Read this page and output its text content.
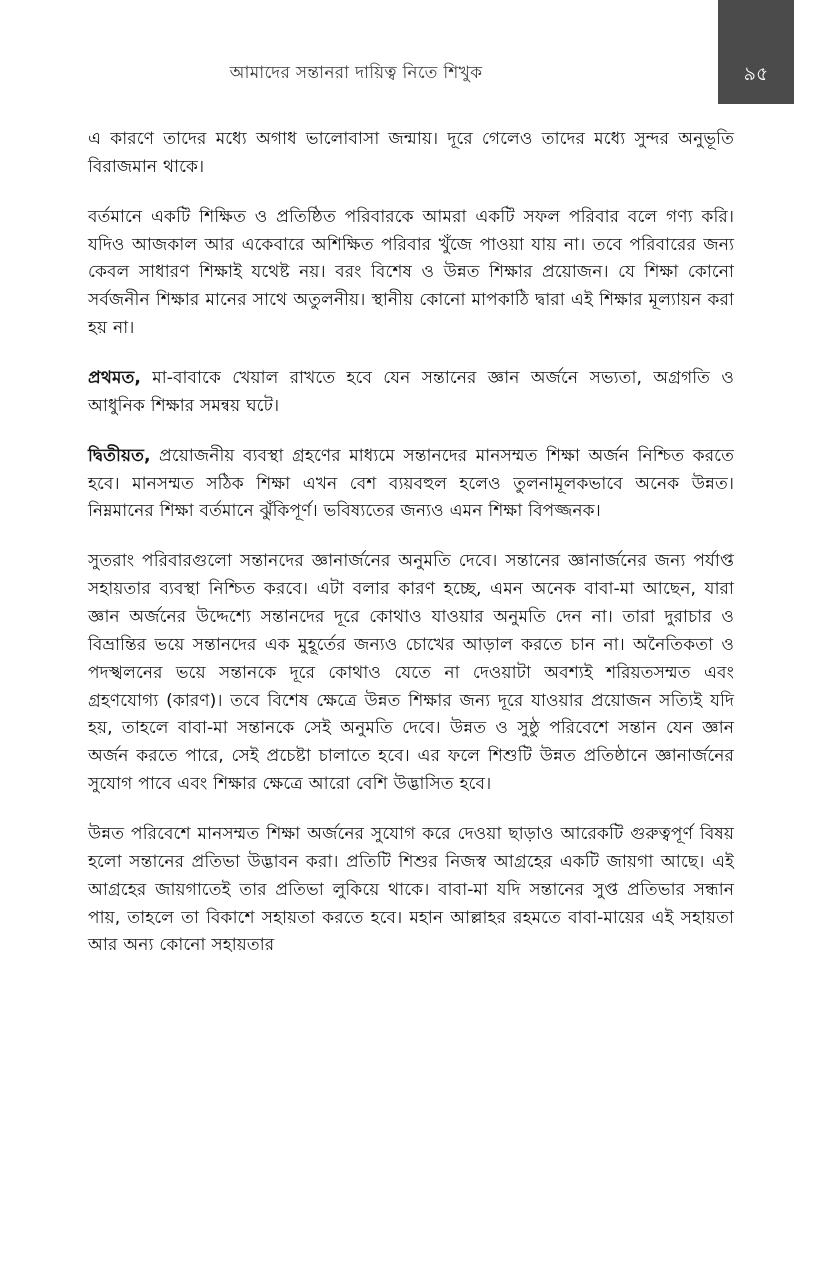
আমাদের সন্তানরা দায়িত্ব নিতে শিখুক	৯৫

এ কারণে তাদের মধ্যে অগাধ ভালোবাসা জন্মায়। দূরে গেলেও তাদের মধ্যে সুন্দর অনুভূতি বিরাজমান থাকে।

বর্তমানে একটি শিক্ষিত ও প্রতিষ্ঠিত পরিবারকে আমরা একটি সফল পরিবার বলে গণ্য করি। যদিও আজকাল আর একেবারে অশিক্ষিত পরিবার খুঁজে পাওয়া যায় না। তবে পরিবারের জন্য কেবল সাধারণ শিক্ষাই যথেষ্ট নয়। বরং বিশেষ ও উন্নত শিক্ষার প্রয়োজন। যে শিক্ষা কোনো সর্বজনীন শিক্ষার মানের সাথে অতুলনীয়। স্থানীয় কোনো মাপকাঠি দ্বারা এই শিক্ষার মূল্যায়ন করা হয় না।

প্রথমত, মা-বাবাকে খেয়াল রাখতে হবে যেন সন্তানের জ্ঞান অর্জনে সভ্যতা, অগ্রগতি ও আধুনিক শিক্ষার সমন্বয় ঘটে।

দ্বিতীয়ত, প্রয়োজনীয় ব্যবস্থা গ্রহণের মাধ্যমে সন্তানদের মানসম্মত শিক্ষা অর্জন নিশ্চিত করতে হবে। মানসম্মত সঠিক শিক্ষা এখন বেশ ব্যয়বহুল হলেও তুলনামূলকভাবে অনেক উন্নত। নিম্নমানের শিক্ষা বর্তমানে ঝুঁকিপূর্ণ। ভবিষ্যতের জন্যও এমন শিক্ষা বিপজ্জনক।

সুতরাং পরিবারগুলো সন্তানদের জ্ঞানার্জনের অনুমতি দেবে। সন্তানের জ্ঞানার্জনের জন্য পর্যাপ্ত সহায়তার ব্যবস্থা নিশ্চিত করবে। এটা বলার কারণ হচ্ছে, এমন অনেক বাবা-মা আছেন, যারা জ্ঞান অর্জনের উদ্দেশ্যে সন্তানদের দূরে কোথাও যাওয়ার অনুমতি দেন না। তারা দুরাচার ও বিভ্রান্তির ভয়ে সন্তানদের এক মুহূর্তের জন্যও চোখের আড়াল করতে চান না। অনৈতিকতা ও পদস্খলনের ভয়ে সন্তানকে দূরে কোথাও যেতে না দেওয়াটা অবশ্যই শরিয়তসম্মত এবং গ্রহণযোগ্য (কারণ)। তবে বিশেষ ক্ষেত্রে উন্নত শিক্ষার জন্য দূরে যাওয়ার প্রয়োজন সত্যিই যদি হয়, তাহলে বাবা-মা সন্তানকে সেই অনুমতি দেবে। উন্নত ও সুষ্ঠু পরিবেশে সন্তান যেন জ্ঞান অর্জন করতে পারে, সেই প্রচেষ্টা চালাতে হবে। এর ফলে শিশুটি উন্নত প্রতিষ্ঠানে জ্ঞানার্জনের সুযোগ পাবে এবং শিক্ষার ক্ষেত্রে আরো বেশি উদ্ভাসিত হবে।

উন্নত পরিবেশে মানসম্মত শিক্ষা অর্জনের সুযোগ করে দেওয়া ছাড়াও আরেকটি গুরুত্বপূর্ণ বিষয় হলো সন্তানের প্রতিভা উদ্ভাবন করা। প্রতিটি শিশুর নিজস্ব আগ্রহের একটি জায়গা আছে। এই আগ্রহের জায়গাতেই তার প্রতিভা লুকিয়ে থাকে। বাবা-মা যদি সন্তানের সুপ্ত প্রতিভার সন্ধান পায়, তাহলে তা বিকাশে সহায়তা করতে হবে। মহান আল্লাহর রহমতে বাবা-মায়ের এই সহায়তা আর অন্য কোনো সহায়তার
